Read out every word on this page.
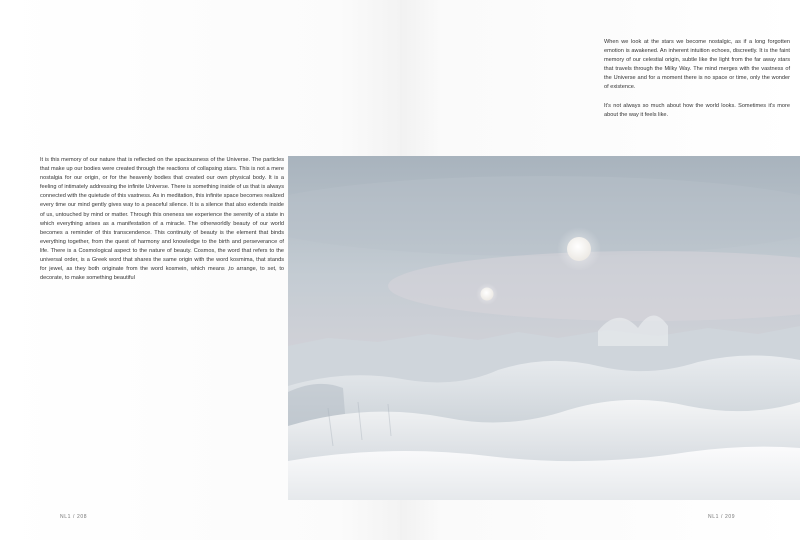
When we look at the stars we become nostalgic, as if a long forgotten emotion is awakened. An inherent intuition echoes, discreetly. It is the faint memory of our celestial origin, subtle like the light from the far away stars that travels through the Milky Way. The mind merges with the vastness of the Universe and for a moment there is no space or time, only the wonder of existence.

It's not always so much about how the world looks. Sometimes it's more about the way it feels like.

It is this memory of our nature that is reflected on the spaciousness of the Universe. The particles that make up our bodies were created through the reactions of collapsing stars. This is not a mere nostalgia for our origin, or for the heavenly bodies that created our own physical body. It is a feeling of intimately addressing the infinite Universe. There is something inside of us that is always connected with the quietude of this vastness. As in meditation, this infinite space becomes realized every time our mind gently gives way to a peaceful silence. It is a silence that also extends inside of us, untouched by mind or matter. Through this oneness we experience the serenity of a state in which everything arises as a manifestation of a miracle. The otherworldly beauty of our world becomes a reminder of this transcendence. This continuity of beauty is the element that binds everything together, from the quest of harmony and knowledge to the birth and perseverance of life. There is a Cosmological aspect to the nature of beauty. Cosmos, the word that refers to the universal order, is a Greek word that shares the same origin with the word kosmima, that stands for jewel, as they both originate from the word kosmein, which means ,to arrange, to set, to decorate, to make something beautiful

NL1 / 208	NL1 / 209
